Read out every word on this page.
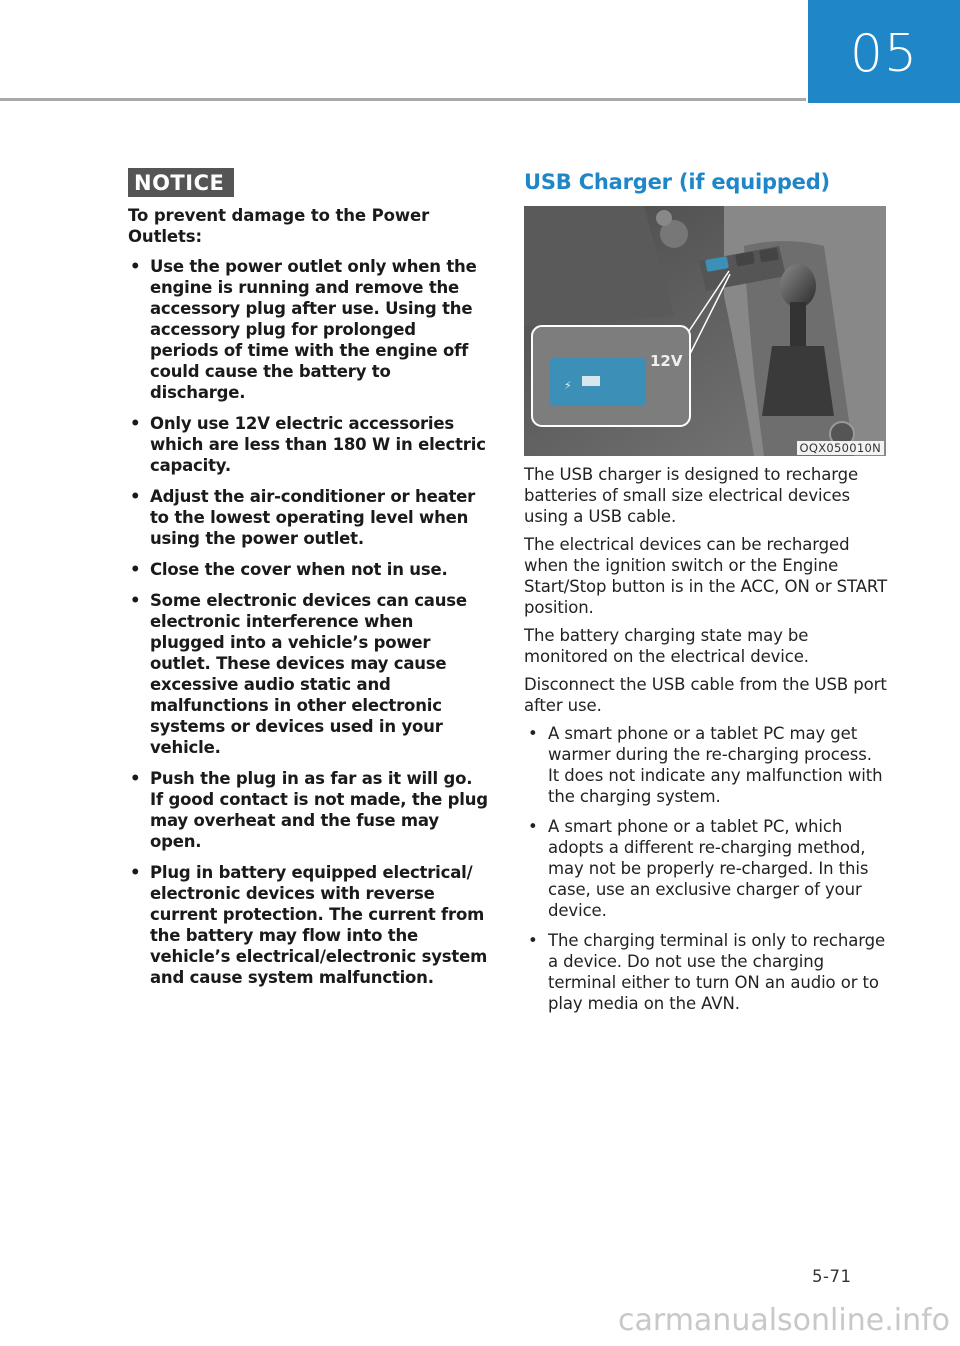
05
NOTICE

To prevent damage to the Power Outlets:

• Use the power outlet only when the engine is running and remove the accessory plug after use. Using the accessory plug for prolonged periods of time with the engine off could cause the battery to discharge.
• Only use 12V electric accessories which are less than 180 W in electric capacity.
• Adjust the air-conditioner or heater to the lowest operating level when using the power outlet.
• Close the cover when not in use.
• Some electronic devices can cause electronic interference when plugged into a vehicle’s power outlet. These devices may cause excessive audio static and malfunctions in other electronic systems or devices used in your vehicle.
• Push the plug in as far as it will go. If good contact is not made, the plug may overheat and the fuse may open.
• Plug in battery equipped electrical/ electronic devices with reverse current protection. The current from the battery may flow into the vehicle’s electrical/electronic system and cause system malfunction.
USB Charger (if equipped)
⚡
12V
OQX050010N

The USB charger is designed to recharge batteries of small size electrical devices using a USB cable.

The electrical devices can be recharged when the ignition switch or the Engine Start/Stop button is in the ACC, ON or START position.

The battery charging state may be monitored on the electrical device.

Disconnect the USB cable from the USB port after use.

• A smart phone or a tablet PC may get warmer during the re-charging process. It does not indicate any malfunction with the charging system.
• A smart phone or a tablet PC, which adopts a different re-charging method, may not be properly re-charged. In this case, use an exclusive charger of your device.
• The charging terminal is only to recharge a device. Do not use the charging terminal either to turn ON an audio or to play media on the AVN.
5-71
carmanualsonline.info
